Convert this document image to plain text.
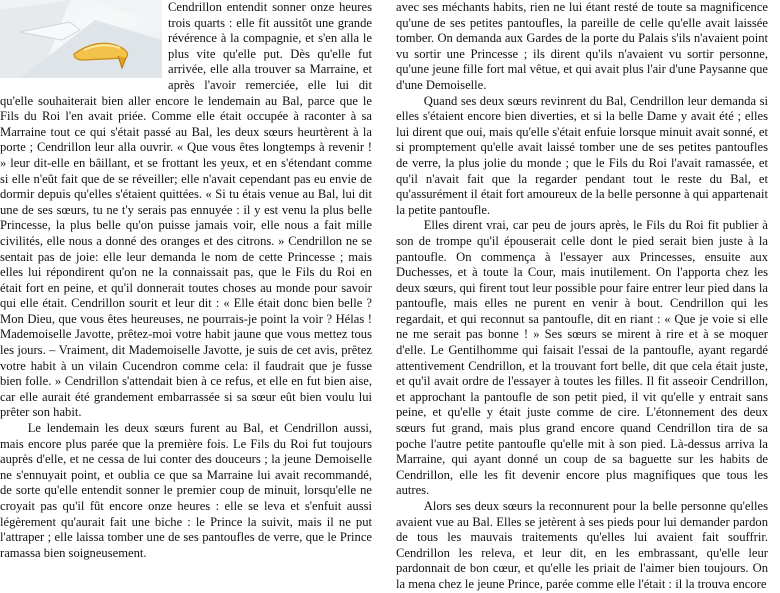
Cendrillon entendit sonner onze heures trois quarts : elle fit aussitôt une grande révérence à la compagnie, et s'en alla le plus vite qu'elle put. Dès qu'elle fut arrivée, elle alla trouver sa Marraine, et après l'avoir remerciée, elle lui dit qu'elle souhaiterait bien aller encore le lendemain au Bal, parce que le Fils du Roi l'en avait priée. Comme elle était occupée à raconter à sa Marraine tout ce qui s'était passé au Bal, les deux sœurs heurtèrent à la porte ; Cendrillon leur alla ouvrir. « Que vous êtes longtemps à revenir ! » leur dit-elle en bâillant, et se frottant les yeux, et en s'étendant comme si elle n'eût fait que de se réveiller; elle n'avait cependant pas eu envie de dormir depuis qu'elles s'étaient quittées. « Si tu étais venue au Bal, lui dit une de ses sœurs, tu ne t'y serais pas ennuyée : il y est venu la plus belle Princesse, la plus belle qu'on puisse jamais voir, elle nous a fait mille civilités, elle nous a donné des oranges et des citrons. » Cendrillon ne se sentait pas de joie: elle leur demanda le nom de cette Princesse ; mais elles lui répondirent qu'on ne la connaissait pas, que le Fils du Roi en était fort en peine, et qu'il donnerait toutes choses au monde pour savoir qui elle était. Cendrillon sourit et leur dit : « Elle était donc bien belle ? Mon Dieu, que vous êtes heureuses, ne pourrais-je point la voir ? Hélas ! Mademoiselle Javotte, prêtez-moi votre habit jaune que vous mettez tous les jours. – Vraiment, dit Mademoiselle Javotte, je suis de cet avis, prêtez votre habit à un vilain Cucendron comme cela: il faudrait que je fusse bien folle. » Cendrillon s'attendait bien à ce refus, et elle en fut bien aise, car elle aurait été grandement embarrassée si sa sœur eût bien voulu lui prêter son habit.

Le lendemain les deux sœurs furent au Bal, et Cendrillon aussi, mais encore plus parée que la première fois. Le Fils du Roi fut toujours auprès d'elle, et ne cessa de lui conter des douceurs ; la jeune Demoiselle ne s'ennuyait point, et oublia ce que sa Marraine lui avait recommandé, de sorte qu'elle entendit sonner le premier coup de minuit, lorsqu'elle ne croyait pas qu'il fût encore onze heures : elle se leva et s'enfuit aussi légèrement qu'aurait fait une biche : le Prince la suivit, mais il ne put l'attraper ; elle laissa tomber une de ses pantoufles de verre, que le Prince ramassa bien soigneusement.

avec ses méchants habits, rien ne lui étant resté de toute sa magnificence qu'une de ses petites pantoufles, la pareille de celle qu'elle avait laissée tomber. On demanda aux Gardes de la porte du Palais s'ils n'avaient point vu sortir une Princesse ; ils dirent qu'ils n'avaient vu sortir personne, qu'une jeune fille fort mal vêtue, et qui avait plus l'air d'une Paysanne que d'une Demoiselle.

Quand ses deux sœurs revinrent du Bal, Cendrillon leur demanda si elles s'étaient encore bien diverties, et si la belle Dame y avait été ; elles lui dirent que oui, mais qu'elle s'était enfuie lorsque minuit avait sonné, et si promptement qu'elle avait laissé tomber une de ses petites pantoufles de verre, la plus jolie du monde ; que le Fils du Roi l'avait ramassée, et qu'il n'avait fait que la regarder pendant tout le reste du Bal, et qu'assurément il était fort amoureux de la belle personne à qui appartenait la petite pantoufle.

Elles dirent vrai, car peu de jours après, le Fils du Roi fit publier à son de trompe qu'il épouserait celle dont le pied serait bien juste à la pantoufle. On commença à l'essayer aux Princesses, ensuite aux Duchesses, et à toute la Cour, mais inutilement. On l'apporta chez les deux sœurs, qui firent tout leur possible pour faire entrer leur pied dans la pantoufle, mais elles ne purent en venir à bout. Cendrillon qui les regardait, et qui reconnut sa pantoufle, dit en riant : « Que je voie si elle ne me serait pas bonne ! » Ses sœurs se mirent à rire et à se moquer d'elle. Le Gentilhomme qui faisait l'essai de la pantoufle, ayant regardé attentivement Cendrillon, et la trouvant fort belle, dit que cela était juste, et qu'il avait ordre de l'essayer à toutes les filles. Il fit asseoir Cendrillon, et approchant la pantoufle de son petit pied, il vit qu'elle y entrait sans peine, et qu'elle y était juste comme de cire. L'étonnement des deux sœurs fut grand, mais plus grand encore quand Cendrillon tira de sa poche l'autre petite pantoufle qu'elle mit à son pied. Là-dessus arriva la Marraine, qui ayant donné un coup de sa baguette sur les habits de Cendrillon, elle les fit devenir encore plus magnifiques que tous les autres.

Alors ses deux sœurs la reconnurent pour la belle personne qu'elles avaient vue au Bal. Elles se jetèrent à ses pieds pour lui demander pardon de tous les mauvais traitements qu'elles lui avaient fait souffrir. Cendrillon les releva, et leur dit, en les embrassant, qu'elle leur pardonnait de bon cœur, et qu'elle les priait de l'aimer bien toujours. On la mena chez le jeune Prince, parée comme elle l'était : il la trouva encore
